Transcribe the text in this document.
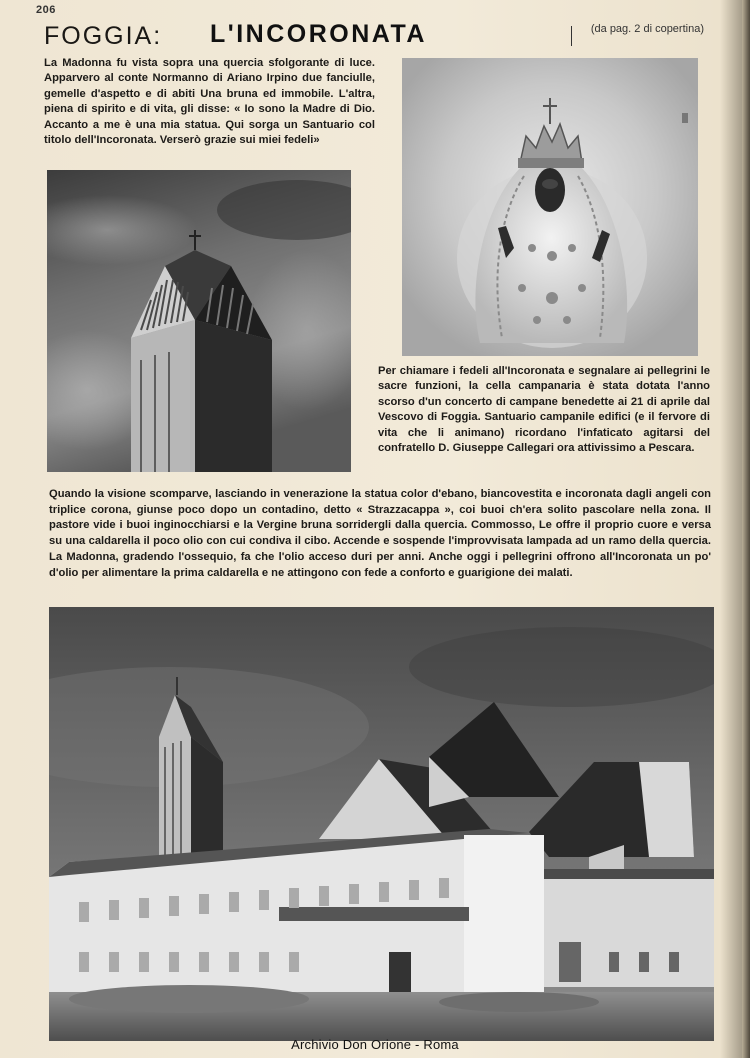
206
FOGGIA: L'INCORONATA	(da pag. 2 di copertina)

La Madonna fu vista sopra una quercia sfolgorante di luce. Apparvero al conte Normanno di Ariano Irpino due fanciulle, gemelle d'aspetto e di abiti Una bruna ed immobile. L'altra, piena di spirito e di vita, gli disse: « Io sono la Madre di Dio. Accanto a me è una mia statua. Qui sorga un Santuario col titolo dell'Incoronata. Verserò grazie sui miei fedeli»

Per chiamare i fedeli all'Incoronata e segnalare ai pellegrini le sacre funzioni, la cella campanaria è stata dotata l'anno scorso d'un concerto di campane benedette ai 21 di aprile dal Vescovo di Foggia. Santuario campanile edifici (e il fervore di vita che li animano) ricordano l'infaticato agitarsi del confratello D. Giuseppe Callegari ora attivissimo a Pescara.

Quando la visione scomparve, lasciando in venerazione la statua color d'ebano, biancovestita e incoronata dagli angeli con triplice corona, giunse poco dopo un contadino, detto « Strazzacappa », coi buoi ch'era solito pascolare nella zona. Il pastore vide i buoi inginocchiarsi e la Vergine bruna sorridergli dalla quercia. Commosso, Le offre il proprio cuore e versa su una caldarella il poco olio con cui condiva il cibo. Accende e sospende l'improvvisata lampada ad un ramo della quercia. La Madonna, gradendo l'ossequio, fa che l'olio acceso duri per anni. Anche oggi i pellegrini offrono all'Incoronata un po' d'olio per alimentare la prima caldarella e ne attingono con fede a conforto e guarigione dei malati.

Archivio Don Orione - Roma
